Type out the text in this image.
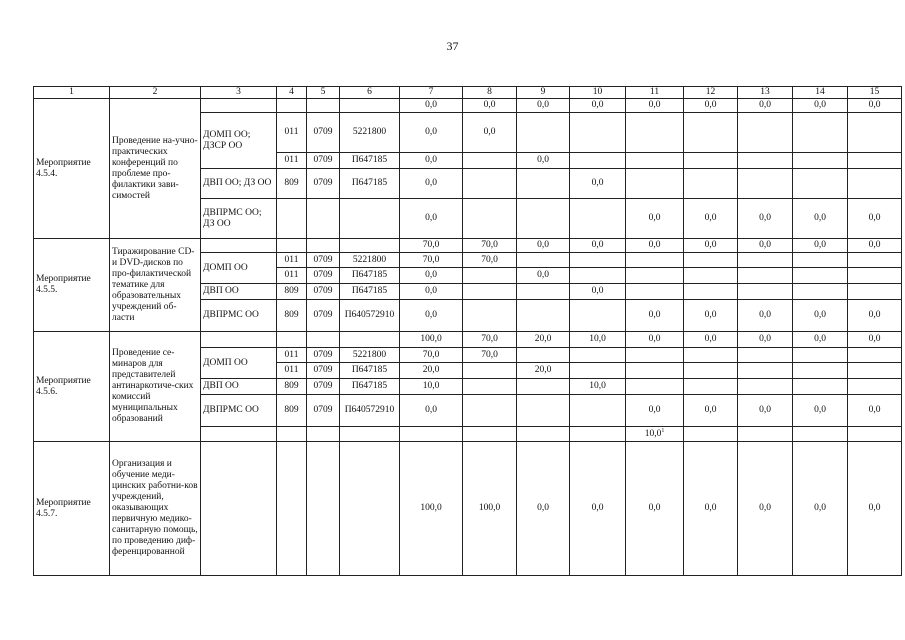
37
1	2	3	4	5	6	7	8	9	10	11	12	13	14	15
Мероприятие 4.5.4.	Проведение на-учно-практических конференций по проблеме про-филактики зави-симостей					0,0	0,0	0,0	0,0	0,0	0,0	0,0	0,0	0,0
		ДОМП ОО; ДЗСР ОО	011	0709	5221800	0,0	0,0							
			011	0709	П647185	0,0		0,0						
		ДВП ОО; ДЗ ОО	809	0709	П647185	0,0			0,0					
		ДВПРМС ОО; ДЗ ОО				0,0				0,0	0,0	0,0	0,0	0,0
Мероприятие 4.5.5.	Тиражирование CD- и DVD-дисков по про-филактической тематике для образовательных учреждений об-ласти					70,0	70,0	0,0	0,0	0,0	0,0	0,0	0,0	0,0
		ДОМП ОО	011	0709	5221800	70,0	70,0							
			011	0709	П647185	0,0		0,0						
		ДВП ОО	809	0709	П647185	0,0			0,0					
		ДВПРМС ОО	809	0709	П640572910	0,0				0,0	0,0	0,0	0,0	0,0
Мероприятие 4.5.6.	Проведение се-минаров для представителей антинаркотиче-ских комиссий муниципальных образований					100,0	70,0	20,0	10,0	0,0	0,0	0,0	0,0	0,0
		ДОМП ОО	011	0709	5221800	70,0	70,0							
			011	0709	П647185	20,0		20,0						
		ДВП ОО	809	0709	П647185	10,0			10,0					
		ДВПРМС ОО	809	0709	П640572910	0,0				0,0	0,0	0,0	0,0	0,0
										10,0$^1$				
Мероприятие 4.5.7.	Организация и обучение меди-цинских работни-ков учреждений, оказывающих первичную медико-санитарную помощь, по проведению диф-ференцированной					100,0	100,0	0,0	0,0	0,0	0,0	0,0	0,0	0,0
